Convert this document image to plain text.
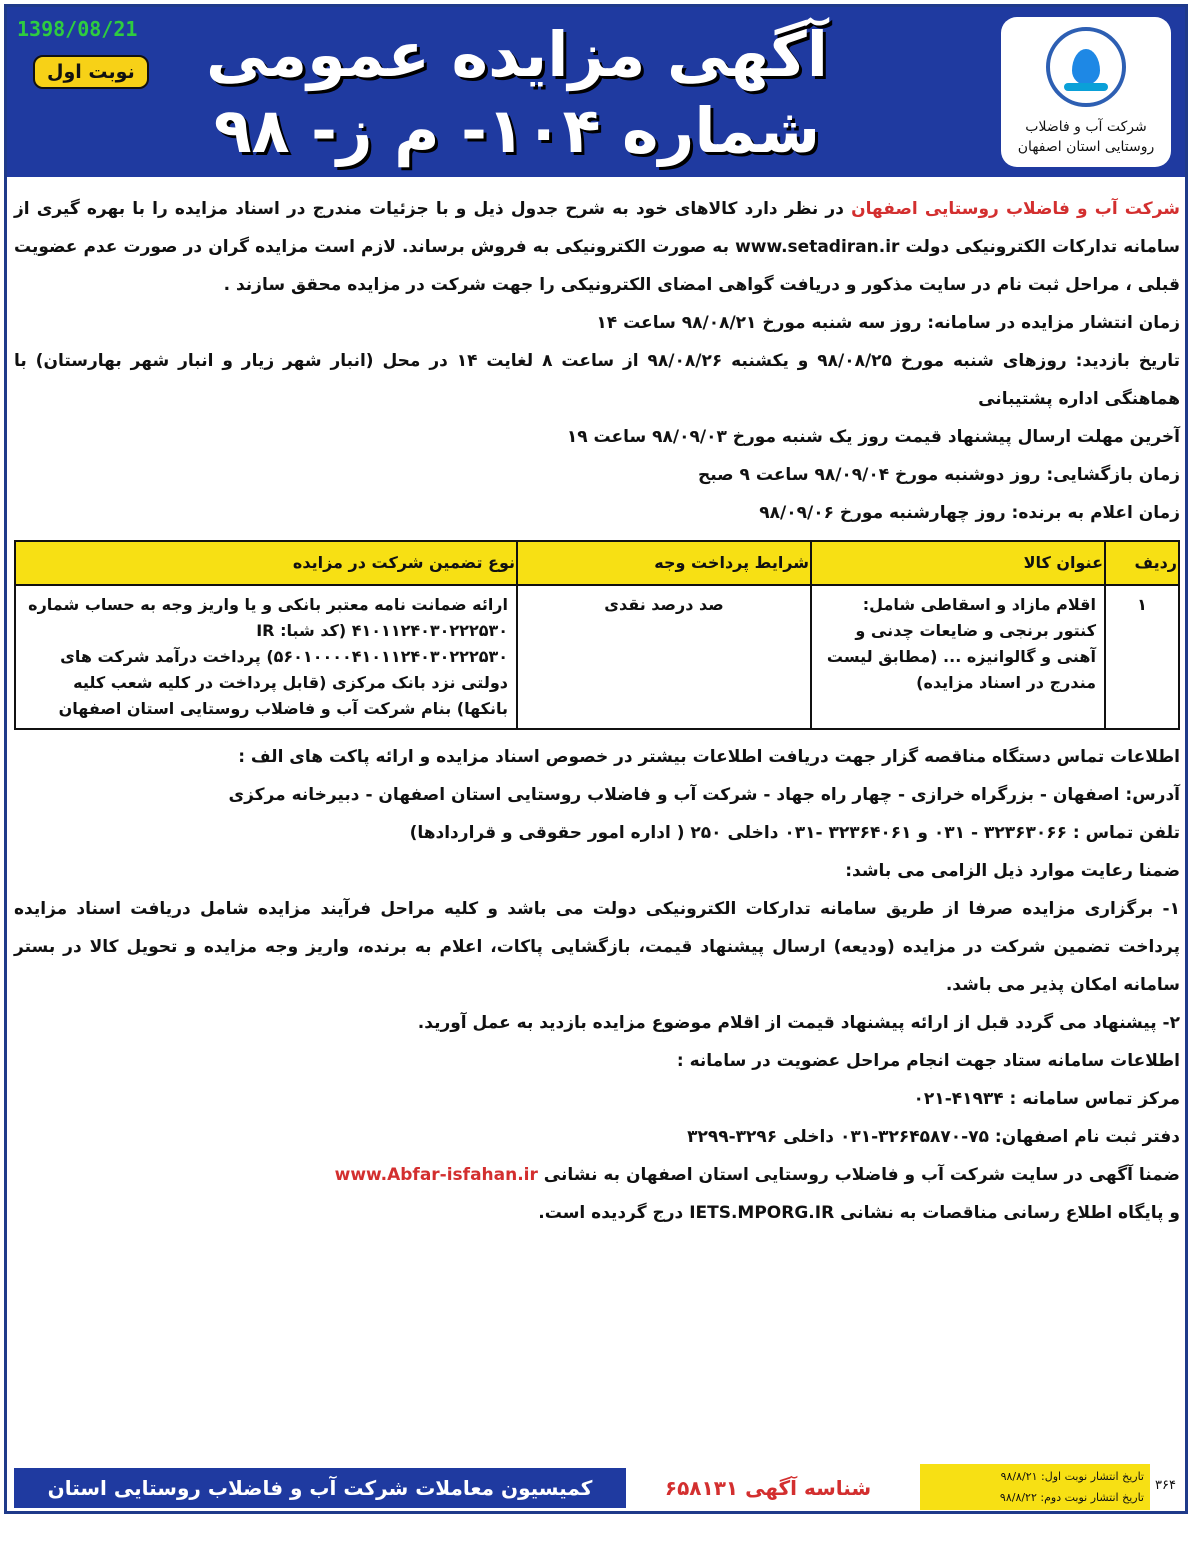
1398/08/21
نوبت اول آگهی مزایده عمومی
شماره ۱۰۴- م ز- ۹۸	شرکت آب و فاضلاب
روستایی استان اصفهان

شرکت آب و فاضلاب روستایی اصفهان در نظر دارد کالاهای خود به شرح جدول ذیل و با جزئیات مندرج در اسناد مزایده را با بهره گیری از سامانه تدارکات الکترونیکی دولت www.setadiran.ir به صورت الکترونیکی به فروش برساند. لازم است مزایده گران در صورت عدم عضویت قبلی ، مراحل ثبت نام در سایت مذکور و دریافت گواهی امضای الکترونیکی را جهت شرکت در مزایده محقق سازند .

زمان انتشار مزایده در سامانه: روز سه شنبه مورخ ۹۸/۰۸/۲۱ ساعت ۱۴

تاریخ بازدید: روزهای شنبه مورخ ۹۸/۰۸/۲۵ و یکشنبه ۹۸/۰۸/۲۶ از ساعت ۸ لغایت ۱۴ در محل (انبار شهر زیار و انبار شهر بهارستان) با هماهنگی اداره پشتیبانی

آخرین مهلت ارسال پیشنهاد قیمت روز یک شنبه مورخ ۹۸/۰۹/۰۳ ساعت ۱۹

زمان بازگشایی: روز دوشنبه مورخ ۹۸/۰۹/۰۴ ساعت ۹ صبح

زمان اعلام به برنده: روز چهارشنبه مورخ ۹۸/۰۹/۰۶

ردیف	عنوان کالا	شرایط پرداخت وجه	نوع تضمین شرکت در مزایده
۱	اقلام مازاد و اسقاطی شامل: کنتور برنجی و ضایعات چدنی و آهنی و گالوانیزه ... (مطابق لیست مندرج در اسناد مزایده)	صد درصد نقدی	ارائه ضمانت نامه معتبر بانکی و یا واریز وجه به حساب شماره ۴۱۰۱۱۲۴۰۳۰۲۲۲۵۳۰ (کد شبا: IR ۵۶۰۱۰۰۰۰۴۱۰۱۱۲۴۰۳۰۲۲۲۵۳۰) پرداخت درآمد شرکت های دولتی نزد بانک مرکزی (قابل پرداخت در کلیه شعب کلیه بانکها) بنام شرکت آب و فاضلاب روستایی استان اصفهان

اطلاعات تماس دستگاه مناقصه گزار جهت دریافت اطلاعات بیشتر در خصوص اسناد مزایده و ارائه پاکت های الف :

آدرس: اصفهان - بزرگراه خرازی - چهار راه جهاد - شرکت آب و فاضلاب روستایی استان اصفهان - دبیرخانه مرکزی

تلفن تماس : ۳۲۳۶۳۰۶۶ - ۰۳۱ و ۳۲۳۶۴۰۶۱ -۰۳۱ داخلی ۲۵۰ ( اداره امور حقوقی و قراردادها)

ضمنا رعایت موارد ذیل الزامی می باشد:

۱- برگزاری مزایده صرفا از طریق سامانه تدارکات الکترونیکی دولت می باشد و کلیه مراحل فرآیند مزایده شامل دریافت اسناد مزایده پرداخت تضمین شرکت در مزایده (ودیعه) ارسال پیشنهاد قیمت، بازگشایی پاکات، اعلام به برنده، واریز وجه مزایده و تحویل کالا در بستر سامانه امکان پذیر می باشد.

۲- پیشنهاد می گردد قبل از ارائه پیشنهاد قیمت از اقلام موضوع مزایده بازدید به عمل آورید.

اطلاعات سامانه ستاد جهت انجام مراحل عضویت در سامانه :

مرکز تماس سامانه : ۴۱۹۳۴-۰۲۱

دفتر ثبت نام اصفهان: ۷۵-۳۲۶۴۵۸۷۰-۰۳۱ داخلی ۳۲۹۶-۳۲۹۹

ضمنا آگهی در سایت شرکت آب و فاضلاب روستایی استان اصفهان به نشانی www.Abfar-isfahan.ir

و پایگاه اطلاع رسانی مناقصات به نشانی IETS.MPORG.IR درج گردیده است.

کمیسیون معاملات شرکت آب و فاضلاب روستایی استان اصفهان
شناسه آگهی ۶۵۸۱۳۱	تاریخ انتشار نوبت اول: ۹۸/۸/۲۱
تاریخ انتشار نوبت دوم: ۹۸/۸/۲۲
۳۶۴
